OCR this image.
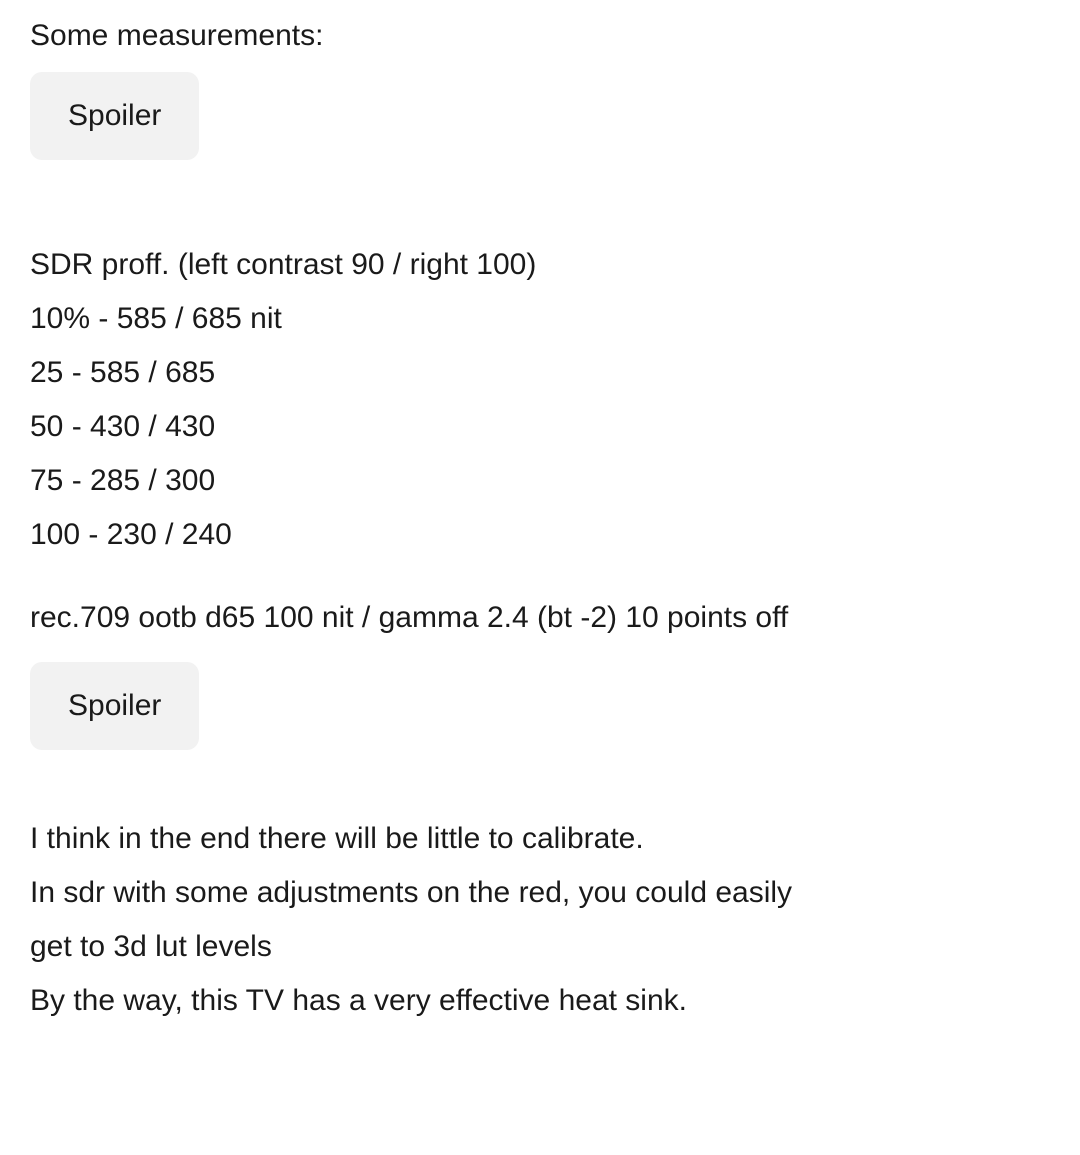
Some measurements:

Spoiler
SDR proff. (left contrast 90 / right 100)
10% - 585 / 685 nit
25 - 585 / 685
50 - 430 / 430
75 - 285 / 300
100 - 230 / 240

rec.709 ootb d65 100 nit / gamma 2.4 (bt -2) 10 points off

Spoiler
I think in the end there will be little to calibrate.
In sdr with some adjustments on the red, you could easily
get to 3d lut levels
By the way, this TV has a very effective heat sink.
